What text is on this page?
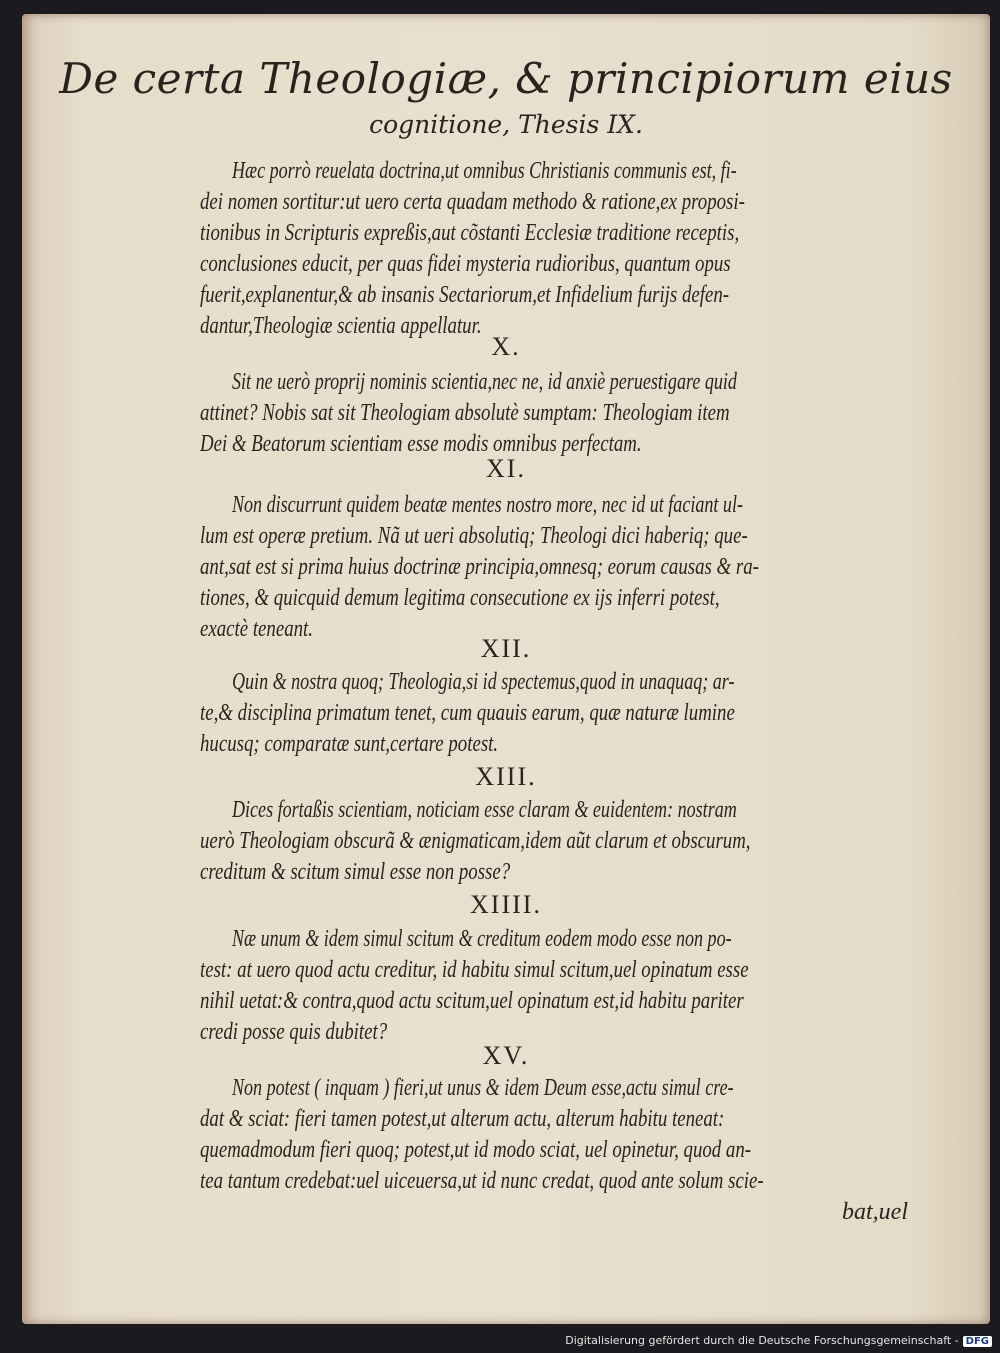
De certa Theologiæ, & principiorum eius
cognitione, Thesis IX.
Hæc porrò reuelata doctrina,ut omnibus Christianis communis est, fi-
dei nomen sortitur:ut uero certa quadam methodo & ratione,ex proposi-
tionibus in Scripturis expreßis,aut cõstanti Ecclesiæ traditione receptis,
conclusiones educit, per quas fidei mysteria rudioribus, quantum opus
fuerit,explanentur,& ab insanis Sectariorum,et Infidelium furijs defen-
dantur,Theologiæ scientia appellatur.
X.
Sit ne uerò proprij nominis scientia,nec ne, id anxiè peruestigare quid
attinet? Nobis sat sit Theologiam absolutè sumptam: Theologiam item
Dei & Beatorum scientiam esse modis omnibus perfectam.
XI.
Non discurrunt quidem beatæ mentes nostro more, nec id ut faciant ul-
lum est operæ pretium. Nã ut ueri absolutiq; Theologi dici haberiq; que-
ant,sat est si prima huius doctrinæ principia,omnesq; eorum causas & ra-
tiones, & quicquid demum legitima consecutione ex ijs inferri potest,
exactè teneant.
XII.
Quin & nostra quoq; Theologia,si id spectemus,quod in unaquaq; ar-
te,& disciplina primatum tenet, cum quauis earum, quæ naturæ lumine
hucusq; comparatæ sunt,certare potest.
XIII.
Dices fortaßis scientiam, noticiam esse claram & euidentem: nostram
uerò Theologiam obscurã & ænigmaticam,idem aũt clarum et obscurum,
creditum & scitum simul esse non posse?
XIIII.
Næ unum & idem simul scitum & creditum eodem modo esse non po-
test: at uero quod actu creditur, id habitu simul scitum,uel opinatum esse
nihil uetat:& contra,quod actu scitum,uel opinatum est,id habitu pariter
credi posse quis dubitet?
XV.
Non potest ( inquam ) fieri,ut unus & idem Deum esse,actu simul cre-
dat & sciat: fieri tamen potest,ut alterum actu, alterum habitu teneat:
quemadmodum fieri quoq; potest,ut id modo sciat, uel opinetur, quod an-
tea tantum credebat:uel uiceuersa,ut id nunc credat, quod ante solum scie-
bat,uel
Digitalisierung gefördert durch die Deutsche Forschungsgemeinschaft - DFG
